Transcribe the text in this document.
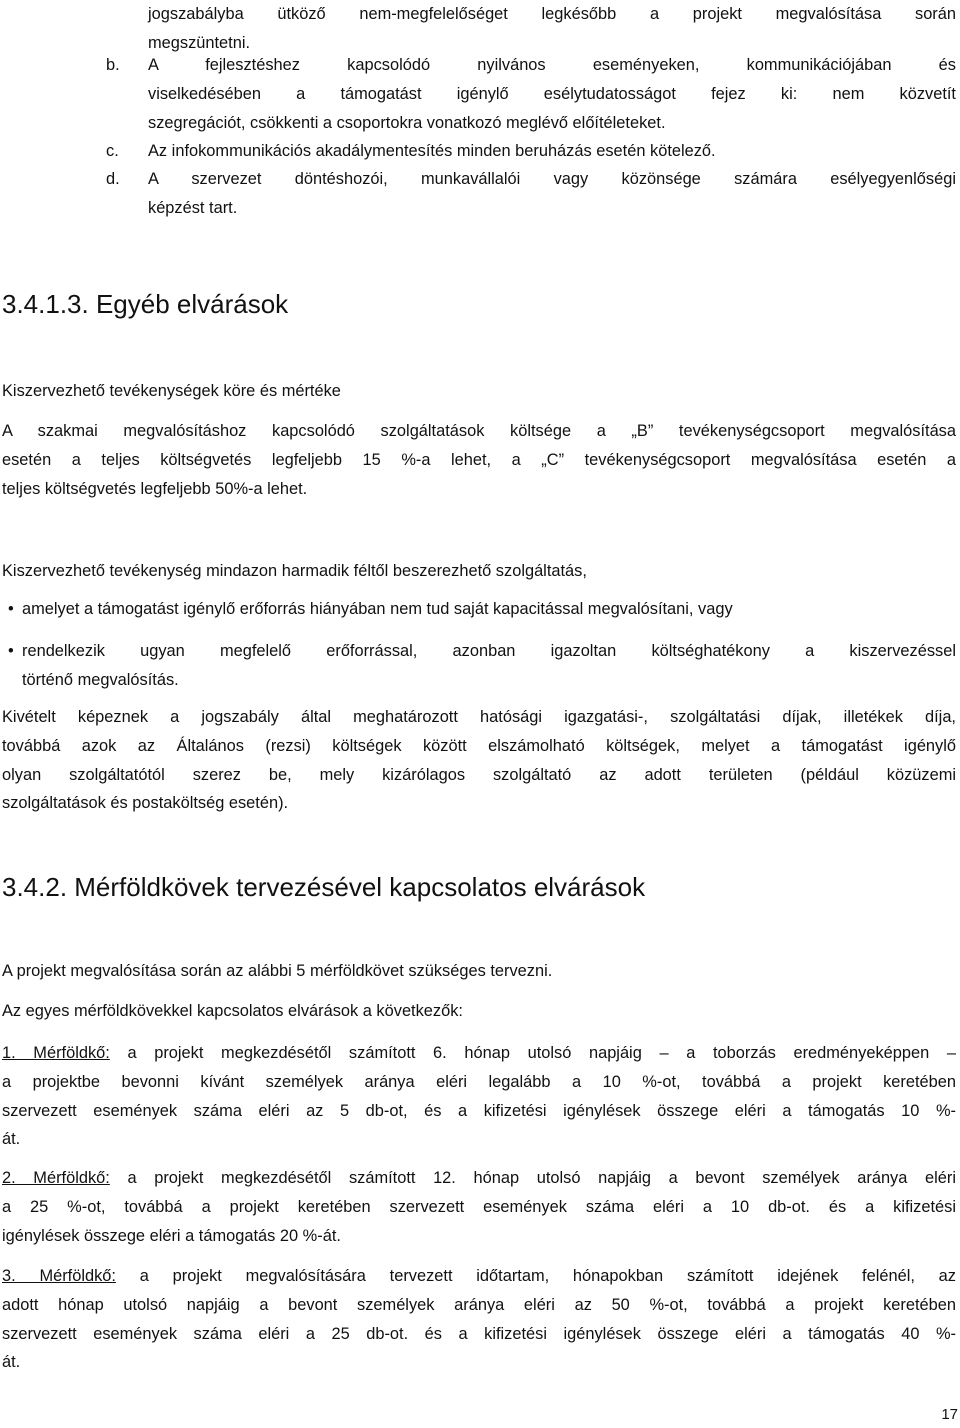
jogszabályba ütköző nem-megfelelőséget legkésőbb a projekt megvalósítása során
megszüntetni.
b. A fejlesztéshez kapcsolódó nyilvános eseményeken, kommunikációjában és
viselkedésében a támogatást igénylő esélytudatosságot fejez ki: nem közvetít
szegregációt, csökkenti a csoportokra vonatkozó meglévő előítéleteket.
c. Az infokommunikációs akadálymentesítés minden beruházás esetén kötelező.
d. A szervezet döntéshozói, munkavállalói vagy közönsége számára esélyegyenlőségi
képzést tart.
3.4.1.3. Egyéb elvárások
Kiszervezhető tevékenységek köre és mértéke
A szakmai megvalósításhoz kapcsolódó szolgáltatások költsége a „B” tevékenységcsoport megvalósítása
esetén a teljes költségvetés legfeljebb 15 %-a lehet, a „C” tevékenységcsoport megvalósítása esetén a
teljes költségvetés legfeljebb 50%-a lehet.
Kiszervezhető tevékenység mindazon harmadik féltől beszerezhető szolgáltatás,
• amelyet a támogatást igénylő erőforrás hiányában nem tud saját kapacitással megvalósítani, vagy
• rendelkezik ugyan megfelelő erőforrással, azonban igazoltan költséghatékony a kiszervezéssel
történő megvalósítás.
Kivételt képeznek a jogszabály által meghatározott hatósági igazgatási-, szolgáltatási díjak, illetékek díja,
továbbá azok az Általános (rezsi) költségek között elszámolható költségek, melyet a támogatást igénylő
olyan szolgáltatótól szerez be, mely kizárólagos szolgáltató az adott területen (például közüzemi
szolgáltatások és postaköltség esetén).
3.4.2. Mérföldkövek tervezésével kapcsolatos elvárások
A projekt megvalósítása során az alábbi 5 mérföldkövet szükséges tervezni.
Az egyes mérföldkövekkel kapcsolatos elvárások a következők:
1. Mérföldkő: a projekt megkezdésétől számított 6. hónap utolsó napjáig – a toborzás eredményeképpen –
a projektbe bevonni kívánt személyek aránya eléri legalább a 10 %-ot, továbbá a projekt keretében
szervezett események száma eléri az 5 db-ot, és a kifizetési igénylések összege eléri a támogatás 10 %-
át.
2. Mérföldkő: a projekt megkezdésétől számított 12. hónap utolsó napjáig a bevont személyek aránya eléri
a 25 %-ot, továbbá a projekt keretében szervezett események száma eléri a 10 db-ot. és a kifizetési
igénylések összege eléri a támogatás 20 %-át.
3. Mérföldkő: a projekt megvalósítására tervezett időtartam, hónapokban számított idejének felénél, az
adott hónap utolsó napjáig a bevont személyek aránya eléri az 50 %-ot, továbbá a projekt keretében
szervezett események száma eléri a 25 db-ot. és a kifizetési igénylések összege eléri a támogatás 40 %-
át.
17
